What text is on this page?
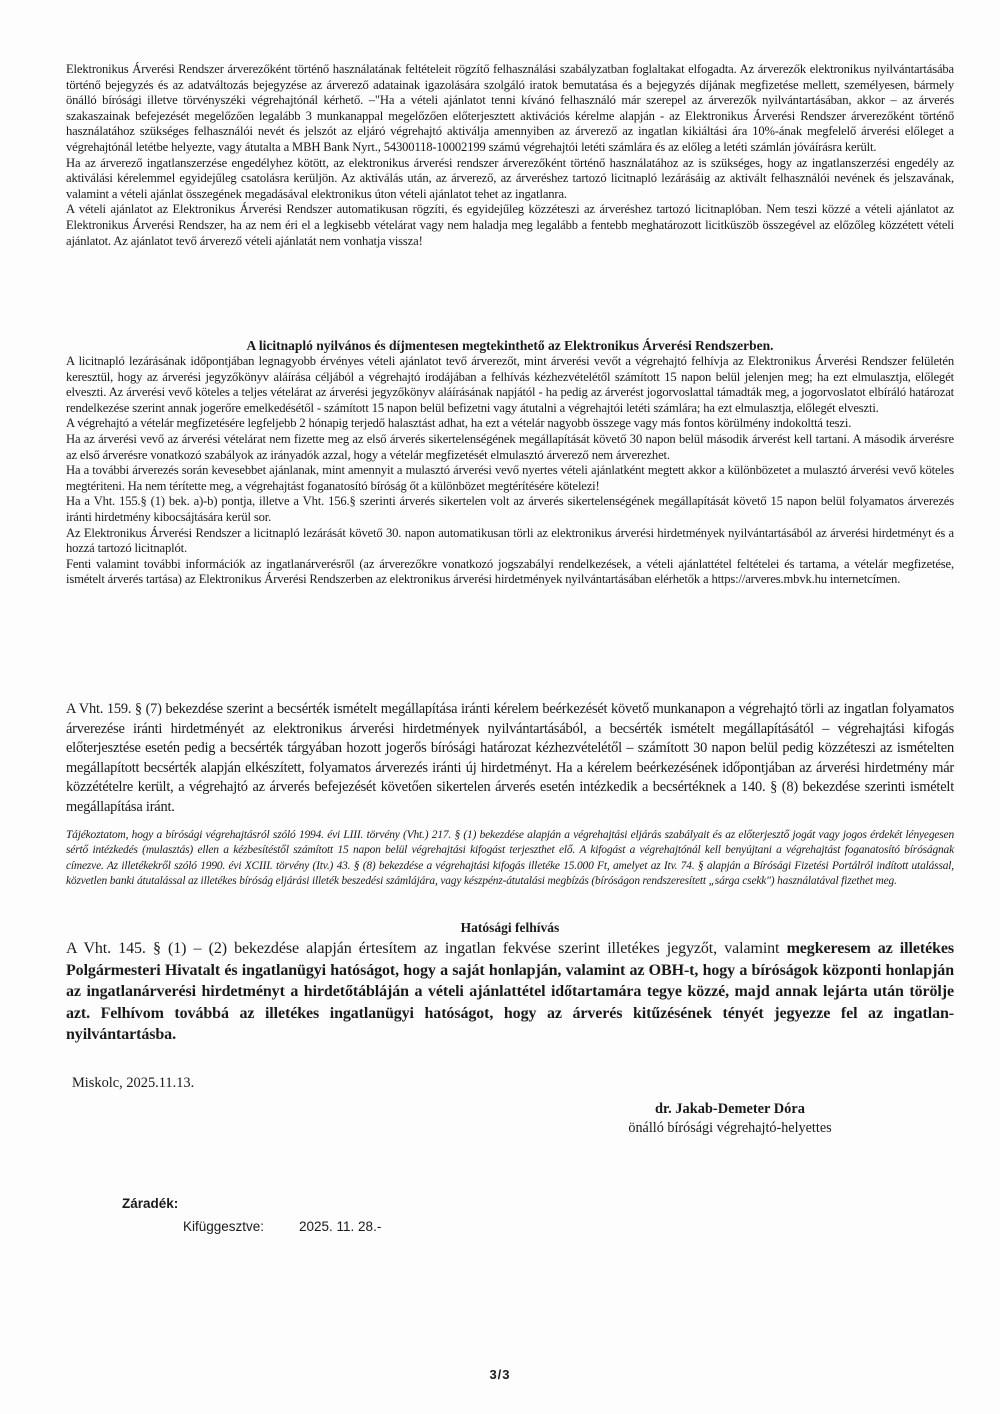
Elektronikus Árverési Rendszer árverezőként történő használatának feltételeit rögzítő felhasználási szabályzatban foglaltakat elfogadta. Az árverezők elektronikus nyilvántartásába történő bejegyzés és az adatváltozás bejegyzése az árverező adatainak igazolására szolgáló iratok bemutatása és a bejegyzés díjának megfizetése mellett, személyesen, bármely önálló bírósági illetve törvényszéki végrehajtónál kérhető. –"Ha a vételi ajánlatot tenni kívánó felhasználó már szerepel az árverezők nyilvántartásában, akkor – az árverés szakaszainak befejezését megelőzően legalább 3 munkanappal megelőzően előterjesztett aktivációs kérelme alapján - az Elektronikus Árverési Rendszer árverezőként történő használatához szükséges felhasználói nevét és jelszót az eljáró végrehajtó aktiválja amennyiben az árverező az ingatlan kikiáltási ára 10%-ának megfelelő árverési előleget a végrehajtónál letétbe helyezte, vagy átutalta a MBH Bank Nyrt., 54300118-10002199 számú végrehajtói letéti számlára és az előleg a letéti számlán jóváírásra került.

Ha az árverező ingatlanszerzése engedélyhez kötött, az elektronikus árverési rendszer árverezőként történő használatához az is szükséges, hogy az ingatlanszerzési engedély az aktiválási kérelemmel egyidejűleg csatolásra kerüljön. Az aktiválás után, az árverező, az árveréshez tartozó licitnapló lezárásáig az aktivált felhasználói nevének és jelszavának, valamint a vételi ajánlat összegének megadásával elektronikus úton vételi ajánlatot tehet az ingatlanra.

A vételi ajánlatot az Elektronikus Árverési Rendszer automatikusan rögzíti, és egyidejűleg közzéteszi az árveréshez tartozó licitnaplóban. Nem teszi közzé a vételi ajánlatot az Elektronikus Árverési Rendszer, ha az nem éri el a legkisebb vételárat vagy nem haladja meg legalább a fentebb meghatározott licitküszöb összegével az előzőleg közzétett vételi ajánlatot. Az ajánlatot tevő árverező vételi ajánlatát nem vonhatja vissza!

A licitnapló nyilvános és díjmentesen megtekinthető az Elektronikus Árverési Rendszerben.

A licitnapló lezárásának időpontjában legnagyobb érvényes vételi ajánlatot tevő árverezőt, mint árverési vevőt a végrehajtó felhívja az Elektronikus Árverési Rendszer felületén keresztül, hogy az árverési jegyzőkönyv aláírása céljából a végrehajtó irodájában a felhívás kézhezvételétől számított 15 napon belül jelenjen meg; ha ezt elmulasztja, előlegét elveszti. Az árverési vevő köteles a teljes vételárat az árverési jegyzőkönyv aláírásának napjától - ha pedig az árverést jogorvoslattal támadták meg, a jogorvoslatot elbíráló határozat rendelkezése szerint annak jogerőre emelkedésétől - számított 15 napon belül befizetni vagy átutalni a végrehajtói letéti számlára; ha ezt elmulasztja, előlegét elveszti.

A végrehajtó a vételár megfizetésére legfeljebb 2 hónapig terjedő halasztást adhat, ha ezt a vételár nagyobb összege vagy más fontos körülmény indokolttá teszi.

Ha az árverési vevő az árverési vételárat nem fizette meg az első árverés sikertelenségének megállapítását követő 30 napon belül második árverést kell tartani. A második árverésre az első árverésre vonatkozó szabályok az irányadók azzal, hogy a vételár megfizetését elmulasztó árverező nem árverezhet.

Ha a további árverezés során kevesebbet ajánlanak, mint amennyit a mulasztó árverési vevő nyertes vételi ajánlatként megtett akkor a különbözetet a mulasztó árverési vevő köteles megtériteni. Ha nem térítette meg, a végrehajtást foganatosító bíróság őt a különbözet megtérítésére kötelezi!

Ha a Vht. 155.§ (1) bek. a)-b) pontja, illetve a Vht. 156.§ szerinti árverés sikertelen volt az árverés sikertelenségének megállapítását követő 15 napon belül folyamatos árverezés iránti hirdetmény kibocsájtására kerül sor.

Az Elektronikus Árverési Rendszer a licitnapló lezárását követő 30. napon automatikusan törli az elektronikus árverési hirdetmények nyilvántartásából az árverési hirdetményt és a hozzá tartozó licitnaplót.

Fenti valamint további információk az ingatlanárverésről (az árverezőkre vonatkozó jogszabályi rendelkezések, a vételi ajánlattétel feltételei és tartama, a vételár megfizetése, ismételt árverés tartása) az Elektronikus Árverési Rendszerben az elektronikus árverési hirdetmények nyilvántartásában elérhetők a https://arveres.mbvk.hu internetcímen.

A Vht. 159. § (7) bekezdése szerint a becsérték ismételt megállapítása iránti kérelem beérkezését követő munkanapon a végrehajtó törli az ingatlan folyamatos árverezése iránti hirdetményét az elektronikus árverési hirdetmények nyilvántartásából, a becsérték ismételt megállapításától – végrehajtási kifogás előterjesztése esetén pedig a becsérték tárgyában hozott jogerős bírósági határozat kézhezvételétől – számított 30 napon belül pedig közzéteszi az ismételten megállapított becsérték alapján elkészített, folyamatos árverezés iránti új hirdetményt. Ha a kérelem beérkezésének időpontjában az árverési hirdetmény már közzétételre került, a végrehajtó az árverés befejezését követően sikertelen árverés esetén intézkedik a becsértéknek a 140. § (8) bekezdése szerinti ismételt megállapítása iránt.

Tájékoztatom, hogy a bírósági végrehajtásról szóló 1994. évi LIII. törvény (Vht.) 217. § (1) bekezdése alapján a végrehajtási eljárás szabályait és az előterjesztő jogát vagy jogos érdekét lényegesen sértő intézkedés (mulasztás) ellen a kézbesítéstől számított 15 napon belül végrehajtási kifogást terjeszthet elő. A kifogást a végrehajtónál kell benyújtani a végrehajtást foganatosító bíróságnak címezve. Az illetékekről szóló 1990. évi XCIII. törvény (Itv.) 43. § (8) bekezdése a végrehajtási kifogás illetéke 15.000 Ft, amelyet az Itv. 74. § alapján a Bírósági Fizetési Portálról indított utalással, közvetlen banki átutalással az illetékes bíróság eljárási illeték beszedési számlájára, vagy készpénz-átutalási megbízás (bíróságon rendszeresített „sárga csekk") használatával fizethet meg.

Hatósági felhívás

A Vht. 145. § (1) – (2) bekezdése alapján értesítem az ingatlan fekvése szerint illetékes jegyzőt, valamint megkeresem az illetékes Polgármesteri Hivatalt és ingatlanügyi hatóságot, hogy a saját honlapján, valamint az OBH-t, hogy a bíróságok központi honlapján az ingatlanárverési hirdetményt a hirdetőtábláján a vételi ajánlattétel időtartamára tegye közzé, majd annak lejárta után törölje azt. Felhívom továbbá az illetékes ingatlanügyi hatóságot, hogy az árverés kitűzésének tényét jegyezze fel az ingatlan-nyilvántartásba.

Miskolc, 2025.11.13.
dr. Jakab-Demeter Dóra
önálló bírósági végrehajtó-helyettes
Záradék:
Kifüggesztve:	2025. 11. 28.-
3/3
